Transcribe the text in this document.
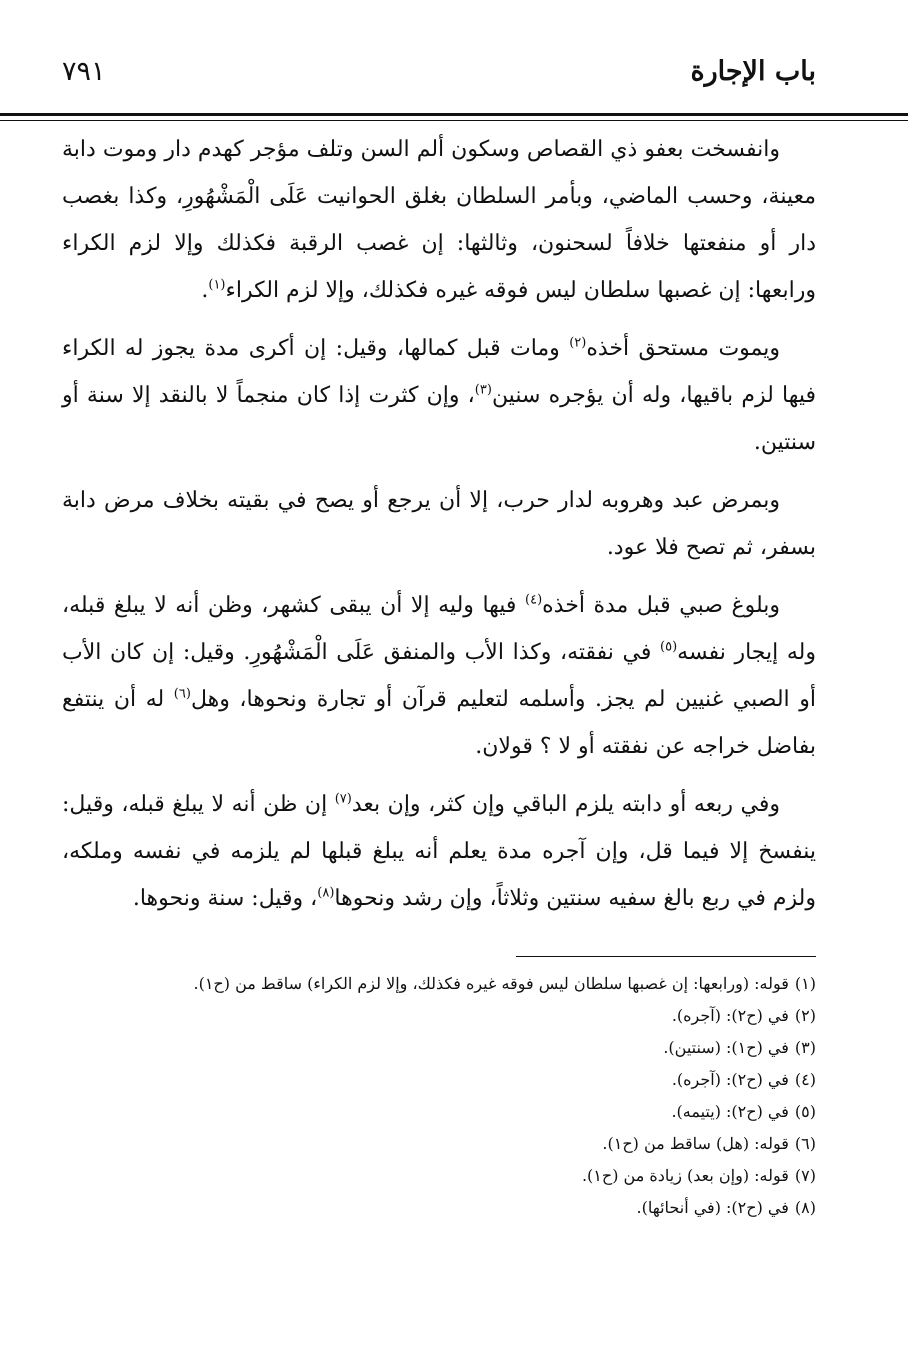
باب الإجارة
٧٩١

وانفسخت بعفو ذي القصاص وسكون ألم السن وتلف مؤجر كهدم دار وموت دابة معينة، وحسب الماضي، وبأمر السلطان بغلق الحوانيت عَلَى الْمَشْهُورِ، وكذا بغصب دار أو منفعتها خلافاً لسحنون، وثالثها: إن غصب الرقبة فكذلك وإلا لزم الكراء ورابعها: إن غصبها سلطان ليس فوقه غيره فكذلك، وإلا لزم الكراء$^{(١)}$.

ويموت مستحق أخذه$^{(٢)}$ ومات قبل كمالها، وقيل: إن أكرى مدة يجوز له الكراء فيها لزم باقيها، وله أن يؤجره سنين$^{(٣)}$، وإن كثرت إذا كان منجماً لا بالنقد إلا سنة أو سنتين.

وبمرض عبد وهروبه لدار حرب، إلا أن يرجع أو يصح في بقيته بخلاف مرض دابة بسفر، ثم تصح فلا عود.

وبلوغ صبي قبل مدة أخذه$^{(٤)}$ فيها وليه إلا أن يبقى كشهر، وظن أنه لا يبلغ قبله، وله إيجار نفسه$^{(٥)}$ في نفقته، وكذا الأب والمنفق عَلَى الْمَشْهُورِ. وقيل: إن كان الأب أو الصبي غنيين لم يجز. وأسلمه لتعليم قرآن أو تجارة ونحوها، وهل$^{(٦)}$ له أن ينتفع بفاضل خراجه عن نفقته أو لا ؟ قولان.

وفي ربعه أو دابته يلزم الباقي وإن كثر، وإن بعد$^{(٧)}$ إن ظن أنه لا يبلغ قبله، وقيل: ينفسخ إلا فيما قل، وإن آجره مدة يعلم أنه يبلغ قبلها لم يلزمه في نفسه وملكه، ولزم في ربع بالغ سفيه سنتين وثلاثاً، وإن رشد ونحوها$^{(٨)}$، وقيل: سنة ونحوها.

(١)قوله: (ورابعها: إن غصبها سلطان ليس فوقه غيره فكذلك، وإلا لزم الكراء) ساقط من (ح١).

(٢)في (ح٢): (آجره).

(٣)في (ح١): (سنتين).

(٤)في (ح٢): (آجره).

(٥)في (ح٢): (يتيمه).

(٦)قوله: (هل) ساقط من (ح١).

(٧)قوله: (وإن بعد) زيادة من (ح١).

(٨)في (ح٢): (في أنحائها).
